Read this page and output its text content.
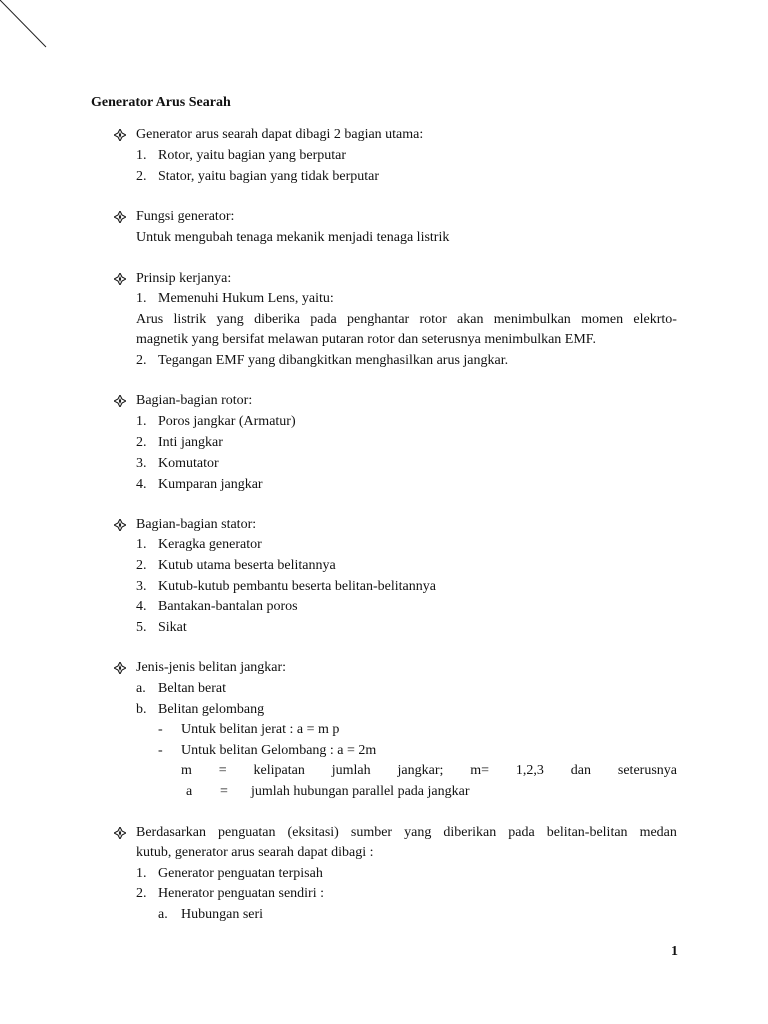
Generator Arus Searah
Generator arus searah dapat dibagi 2 bagian utama:
1. Rotor, yaitu bagian yang berputar
2. Stator, yaitu bagian yang tidak berputar
Fungsi generator:
Untuk mengubah tenaga mekanik menjadi tenaga listrik
Prinsip kerjanya:
1. Memenuhi Hukum Lens, yaitu:
Arus listrik yang diberika pada penghantar rotor akan menimbulkan momen elekrto-
magnetik yang bersifat melawan putaran rotor dan seterusnya menimbulkan EMF.
2. Tegangan EMF yang dibangkitkan menghasilkan arus jangkar.
Bagian-bagian rotor:
1. Poros jangkar (Armatur)
2. Inti jangkar
3. Komutator
4. Kumparan jangkar
Bagian-bagian stator:
1. Keragka generator
2. Kutub utama beserta belitannya
3. Kutub-kutub pembantu beserta belitan-belitannya
4. Bantakan-bantalan poros
5. Sikat
Jenis-jenis belitan jangkar:
a. Beltan berat
b. Belitan gelombang
- Untuk belitan jerat : a = m p
- Untuk belitan Gelombang : a = 2m
m = kelipatan jumlah jangkar; m= 1,2,3 dan seterusnya
a = jumlah hubungan parallel pada jangkar
Berdasarkan penguatan (eksitasi) sumber yang diberikan pada belitan-belitan medan
kutub, generator arus searah dapat dibagi :
1. Generator penguatan terpisah
2. Henerator penguatan sendiri :
a. Hubungan seri
1
